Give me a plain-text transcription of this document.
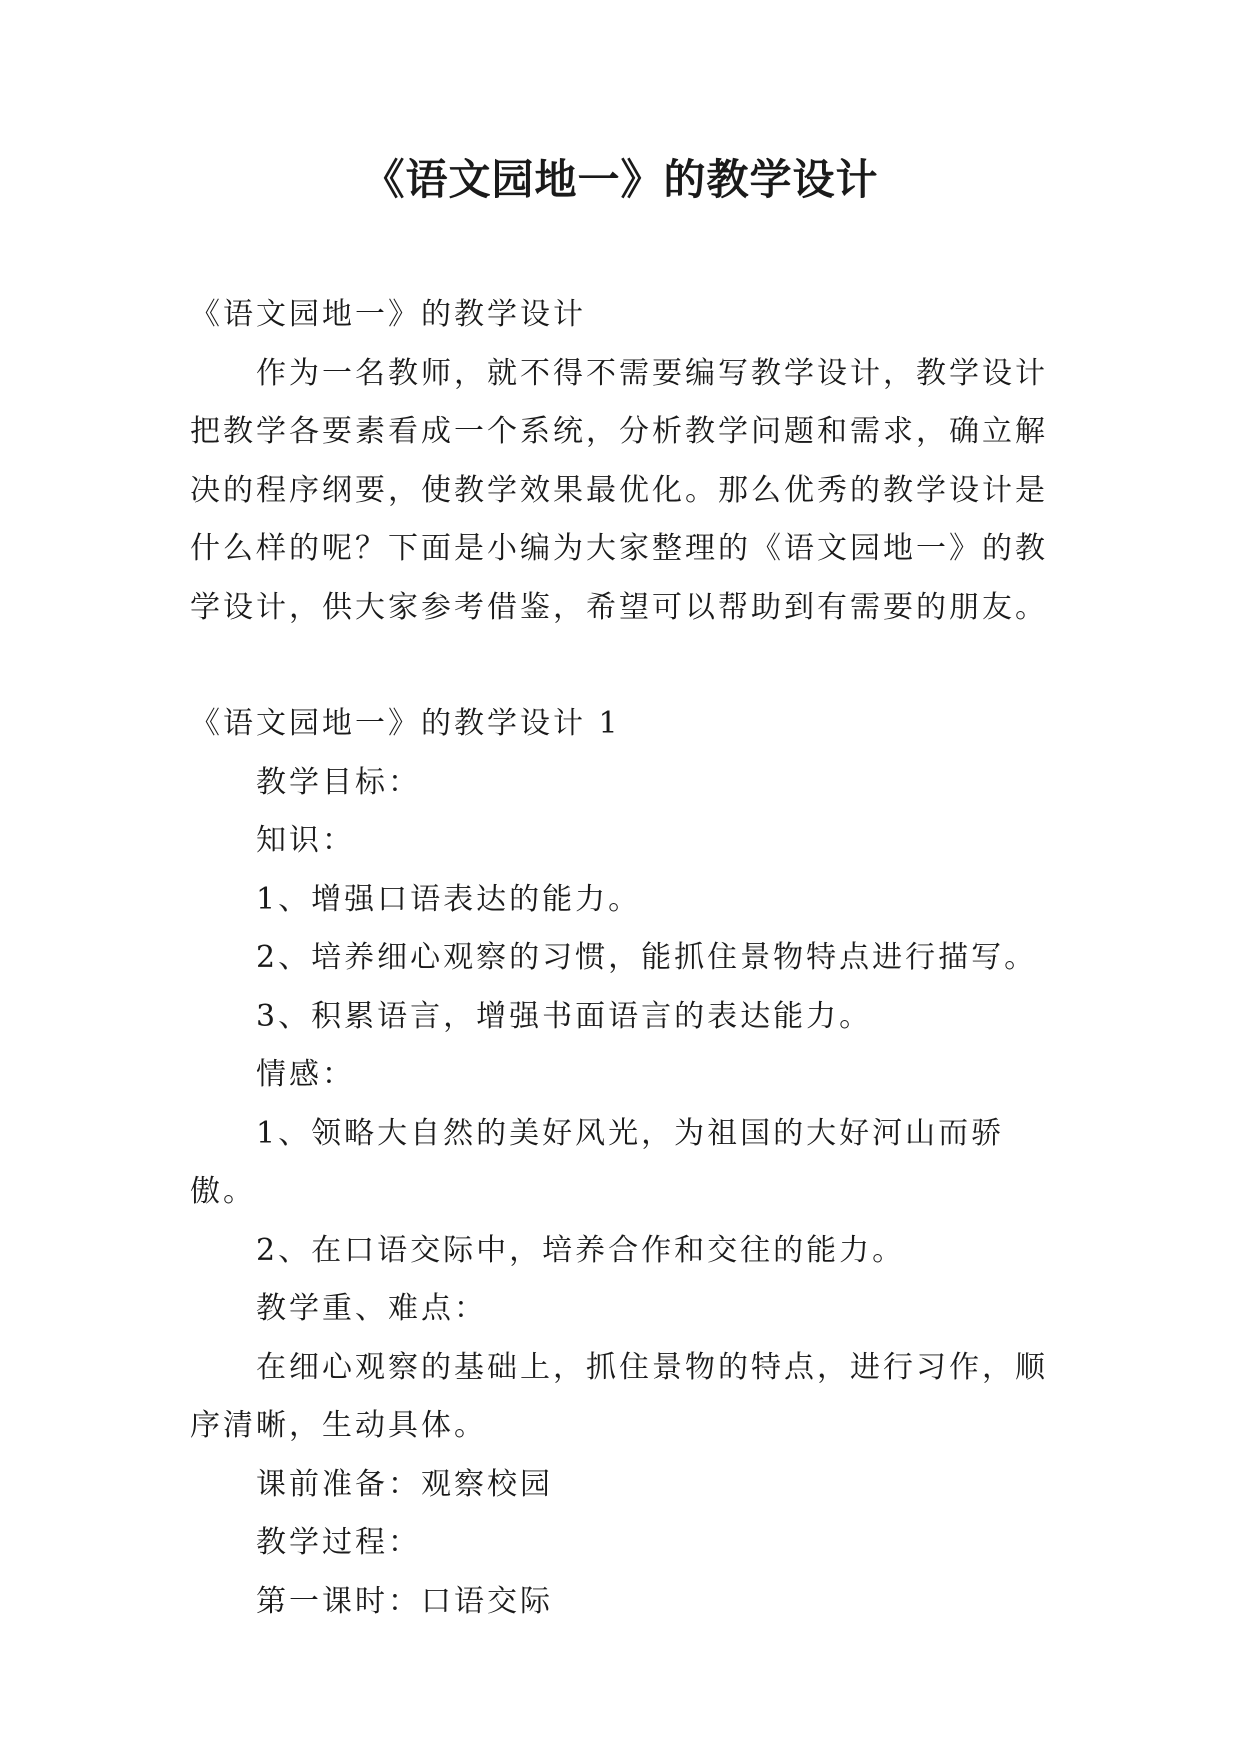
《语文园地一》的教学设计

《语文园地一》的教学设计

作为一名教师，就不得不需要编写教学设计，教学设计把教学各要素看成一个系统，分析教学问题和需求，确立解决的程序纲要，使教学效果最优化。那么优秀的教学设计是什么样的呢？下面是小编为大家整理的《语文园地一》的教学设计，供大家参考借鉴，希望可以帮助到有需要的朋友。

《语文园地一》的教学设计 1

教学目标：

知识：

1、增强口语表达的能力。

2、培养细心观察的习惯，能抓住景物特点进行描写。

3、积累语言，增强书面语言的表达能力。

情感：

1、领略大自然的美好风光，为祖国的大好河山而骄傲。

2、在口语交际中，培养合作和交往的能力。

教学重、难点：

在细心观察的基础上，抓住景物的特点，进行习作，顺序清晰，生动具体。

课前准备：观察校园

教学过程：

第一课时：口语交际
